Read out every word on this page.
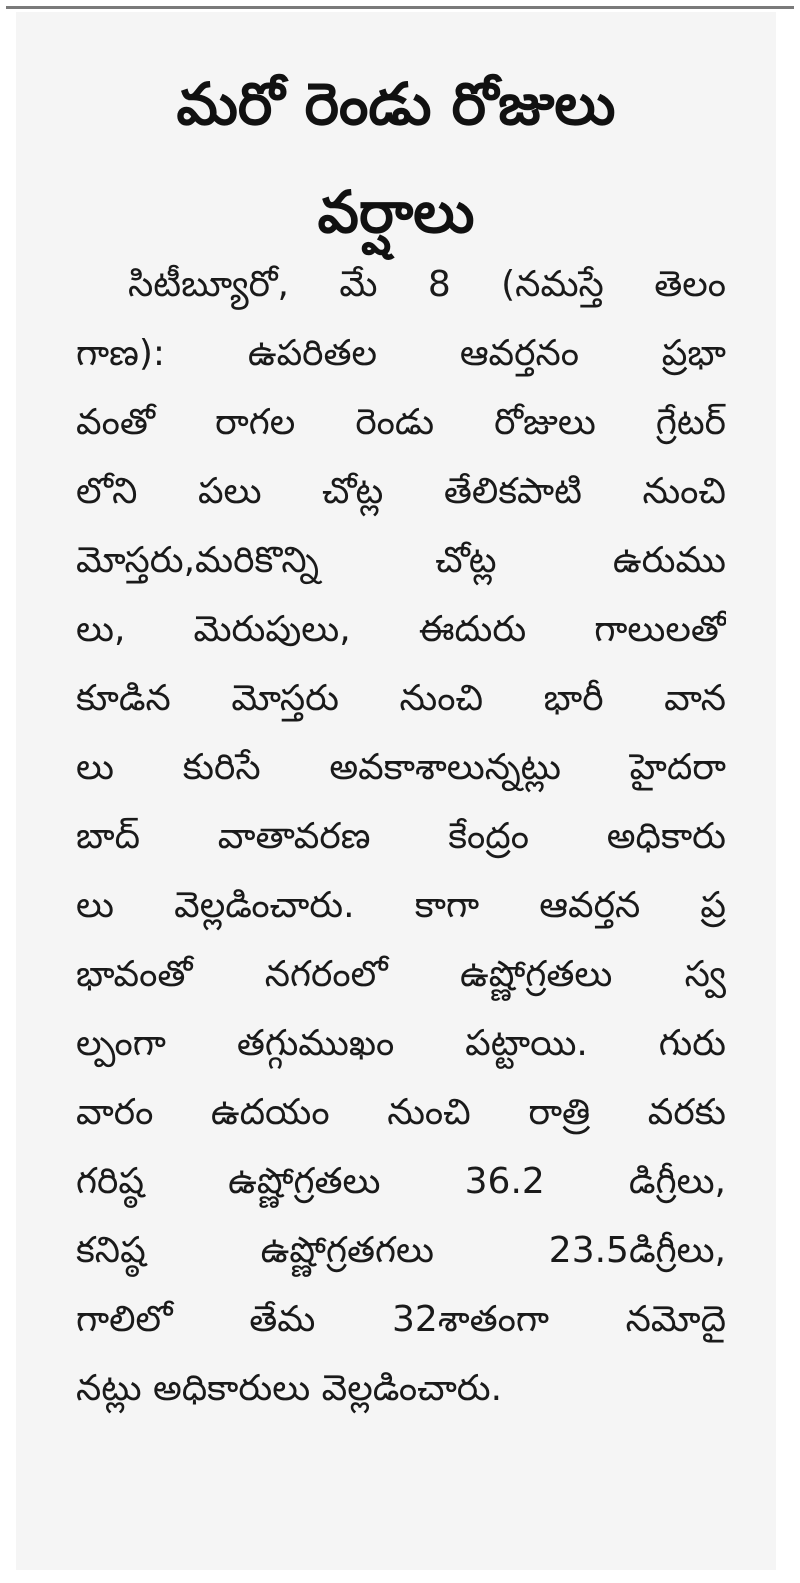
మరో రెండు రోజులు
వర్షాలు
సిటీబ్యూరో, మే 8 (నమస్తే తెలం
గాణ): ఉపరితల ఆవర్తనం ప్రభా
వంతో రాగల రెండు రోజులు గ్రేటర్
లోని పలు చోట్ల తేలికపాటి నుంచి
మోస్తరు,మరికొన్ని చోట్ల ఉరుము
లు, మెరుపులు, ఈదురు గాలులతో
కూడిన మోస్తరు నుంచి భారీ వాన
లు కురిసే అవకాశాలున్నట్లు హైదరా
బాద్ వాతావరణ కేంద్రం అధికారు
లు వెల్లడించారు. కాగా ఆవర్తన ప్ర
భావంతో నగరంలో ఉష్ణోగ్రతలు స్వ
ల్పంగా తగ్గుముఖం పట్టాయి. గురు
వారం ఉదయం నుంచి రాత్రి వరకు
గరిష్ఠ ఉష్ణోగ్రతలు 36.2 డిగ్రీలు,
కనిష్ఠ ఉష్ణోగ్రతగలు 23.5డిగ్రీలు,
గాలిలో తేమ 32శాతంగా నమోదై
నట్లు అధికారులు వెల్లడించారు.
